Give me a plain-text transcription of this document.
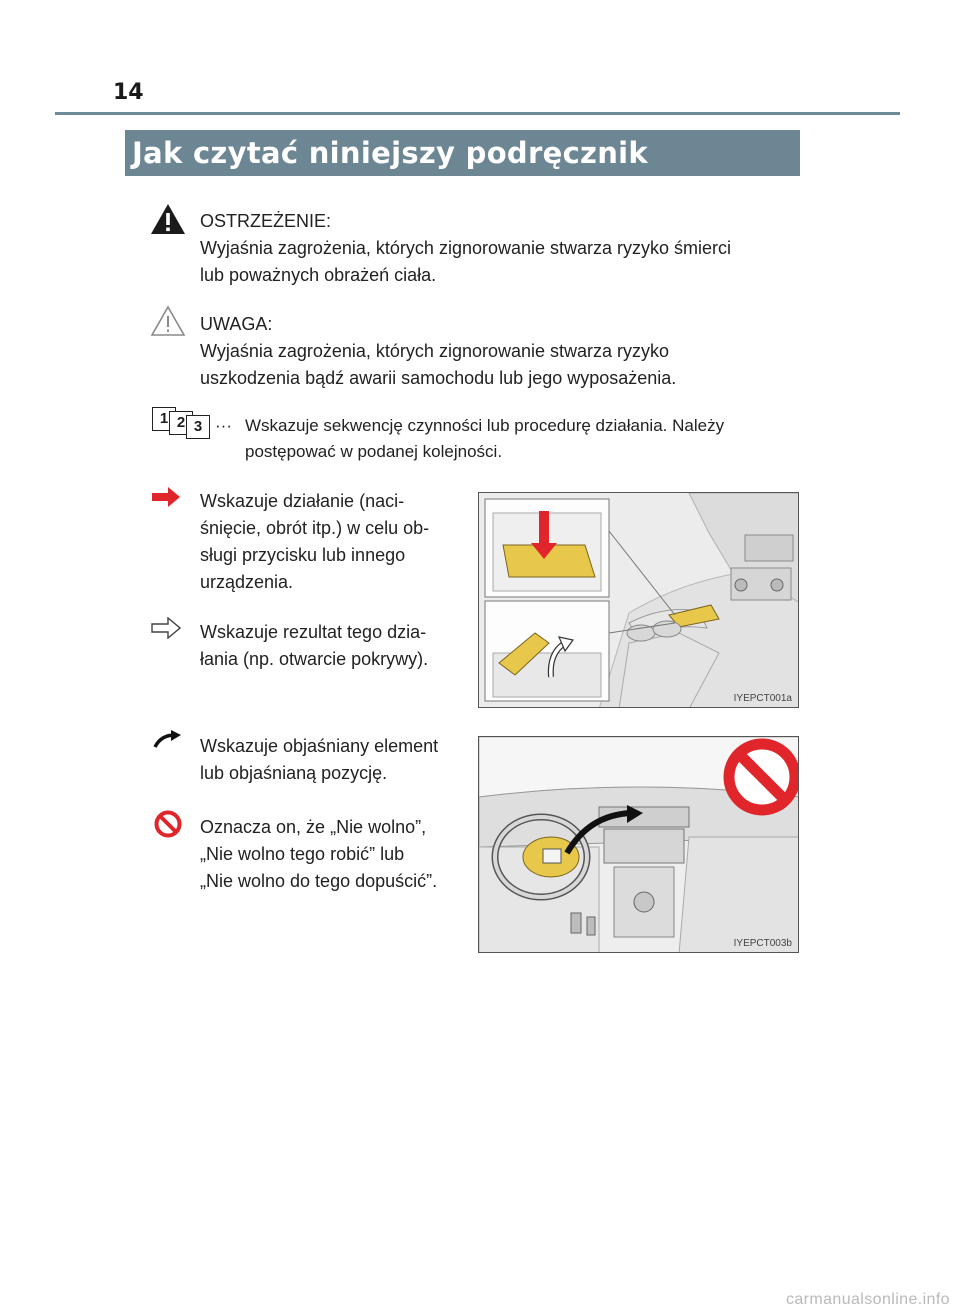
14
Jak czytać niniejszy podręcznik
OSTRZEŻENIE:
Wyjaśnia zagrożenia, których zignorowanie stwarza ryzyko śmierci
lub poważnych obrażeń ciała.
UWAGA:
Wyjaśnia zagrożenia, których zignorowanie stwarza ryzyko
uszkodzenia bądź awarii samochodu lub jego wyposażenia.
1 2 3 ··· Wskazuje sekwencję czynności lub procedurę działania. Należy
postępować w podanej kolejności.
Wskazuje działanie (naci-
śnięcie, obrót itp.) w celu ob-
sługi przycisku lub innego
urządzenia.
Wskazuje rezultat tego dzia-
łania (np. otwarcie pokrywy).
IYEPCT001a
Wskazuje objaśniany element
lub objaśnianą pozycję.
Oznacza on, że „Nie wolno”,
„Nie wolno tego robić” lub
„Nie wolno do tego dopuścić”.
IYEPCT003b
carmanualsonline.info
